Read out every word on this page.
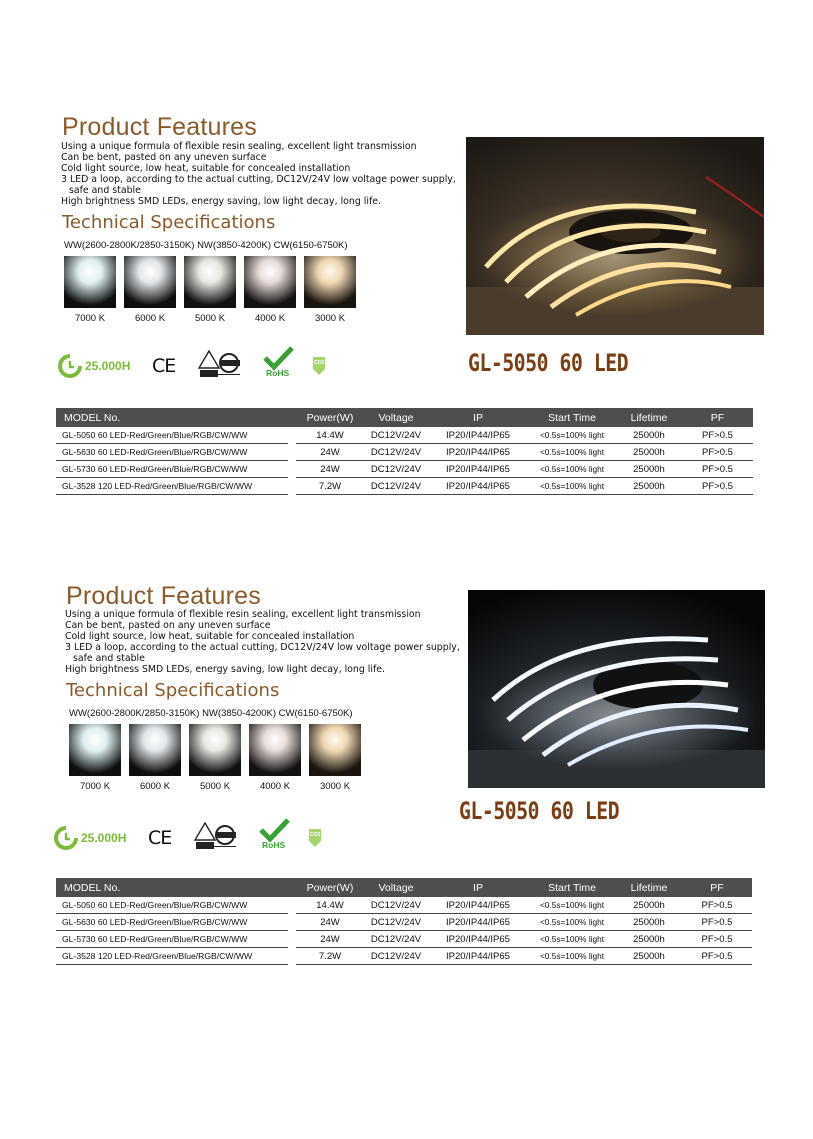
Product Features
Using a unique formula of flexible resin sealing, excellent light transmission
Can be bent, pasted on any uneven surface
Cold light source, low heat, suitable for concealed installation
3 LED a loop, according to the actual cutting, DC12V/24V low voltage power supply,
safe and stable
High brightness SMD LEDs, energy saving, low light decay, long life.
Technical Specifications
WW(2600-2800K/2850-3150K) NW(3850-4200K) CW(6150-6750K)
7000 K	6000 K	5000 K	4000 K	3000 K
25.000H CE	RoHS
CO2	GL-5050 60 LED
MODEL No.		Power(W)	Voltage	IP	Start Time	Lifetime	PF
GL-5050 60 LED-Red/Green/Blue/RGB/CW/WW		14.4W	DC12V/24V	IP20/IP44/IP65	<0.5s=100% light	25000h	PF>0.5
GL-5630 60 LED-Red/Green/Blue/RGB/CW/WW		24W	DC12V/24V	IP20/IP44/IP65	<0.5s=100% light	25000h	PF>0.5
GL-5730 60 LED-Red/Green/Blue/RGB/CW/WW		24W	DC12V/24V	IP20/IP44/IP65	<0.5s=100% light	25000h	PF>0.5
GL-3528 120 LED-Red/Green/Blue/RGB/CW/WW		7.2W	DC12V/24V	IP20/IP44/IP65	<0.5s=100% light	25000h	PF>0.5
Product Features
Using a unique formula of flexible resin sealing, excellent light transmission
Can be bent, pasted on any uneven surface
Cold light source, low heat, suitable for concealed installation
3 LED a loop, according to the actual cutting, DC12V/24V low voltage power supply,
safe and stable
High brightness SMD LEDs, energy saving, low light decay, long life.
Technical Specifications
WW(2600-2800K/2850-3150K) NW(3850-4200K) CW(6150-6750K)
7000 K	6000 K	5000 K	4000 K	3000 K
25.000H CE	RoHS
CO2
GL-5050 60 LED
MODEL No.		Power(W)	Voltage	IP	Start Time	Lifetime	PF
GL-5050 60 LED-Red/Green/Blue/RGB/CW/WW		14.4W	DC12V/24V	IP20/IP44/IP65	<0.5s=100% light	25000h	PF>0.5
GL-5630 60 LED-Red/Green/Blue/RGB/CW/WW		24W	DC12V/24V	IP20/IP44/IP65	<0.5s=100% light	25000h	PF>0.5
GL-5730 60 LED-Red/Green/Blue/RGB/CW/WW		24W	DC12V/24V	IP20/IP44/IP65	<0.5s=100% light	25000h	PF>0.5
GL-3528 120 LED-Red/Green/Blue/RGB/CW/WW		7.2W	DC12V/24V	IP20/IP44/IP65	<0.5s=100% light	25000h	PF>0.5
